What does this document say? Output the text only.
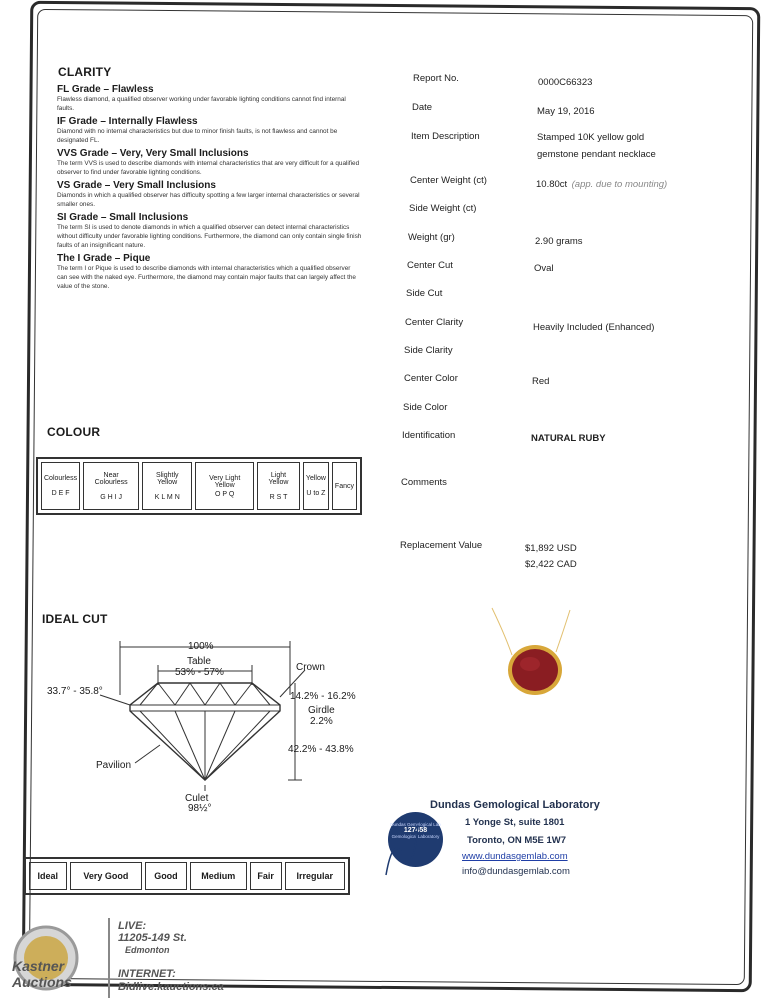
CLARITY
FL Grade – Flawless
Flawless diamond, a qualified observer working under favorable lighting conditions cannot find internal faults.
IF Grade – Internally Flawless
Diamond with no internal characteristics but due to minor finish faults, is not flawless and cannot be designated FL.
VVS Grade – Very, Very Small Inclusions
The term VVS is used to describe diamonds with internal characteristics that are very difficult for a qualified observer to find under favorable lighting conditions.
VS Grade – Very Small Inclusions
Diamonds in which a qualified observer has difficulty spotting a few larger internal characteristics or several smaller ones.
SI Grade – Small Inclusions
The term SI is used to denote diamonds in which a qualified observer can detect internal characteristics without difficulty under favorable lighting conditions. Furthermore, the diamond can only contain single finish faults of an insignificant nature.
The I Grade – Pique
The term I or Pique is used to describe diamonds with internal characteristics which a qualified observer can see with the naked eye. Furthermore, the diamond may contain major faults that can largely affect the value of the stone.
COLOUR
Colourless
D E F

Near Colourless
G H I J

Slightly Yellow
K L M N

Very Light Yellow
O P Q

Light Yellow
R S T

Yellow
U to Z

Fancy
IDEAL CUT
100%
Table
53% - 57%	Crown
33.7° - 35.8°	14.2% - 16.2%
Girdle
2.2%
42.2% - 43.8%
Pavilion
Culet
98½°
Ideal	Very Good	Good	Medium	Fair	Irregular
Report No.	0000C66323
Date	May 19, 2016
Item Description	Stamped 10K yellow gold gemstone pendant necklace
Center Weight (ct)	10.80ct (app. due to mounting)
Side Weight (ct)
Weight (gr)	2.90 grams
Center Cut	Oval
Side Cut
Center Clarity	Heavily Included (Enhanced)
Side Clarity
Center Color	Red
Side Color
Identification	NATURAL RUBY
Comments
Replacement Value	$1,892 USD
$2,422 CAD
Dundas Gemological Lab
127458
Gemological Laboratory
Dundas Gemological Laboratory
1 Yonge St, suite 1801
Toronto, ON M5E 1W7
www.dundasgemlab.com
info@dundasgemlab.com
Kastner
Auctions
LIVE:
11205-149 St.
Edmonton
INTERNET:
Bidlive.kauctions.ca
